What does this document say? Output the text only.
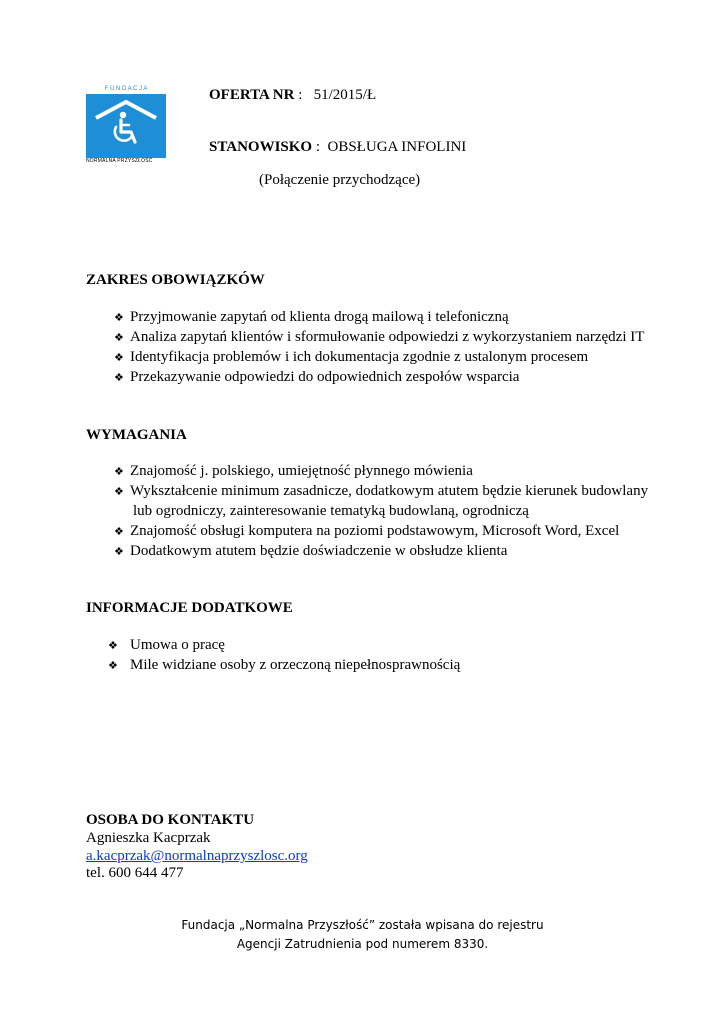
F U N D A C J A
NORMALNA PRZYSZŁOŚĆ
OFERTA NR :   51/2015/Ł
STANOWISKO :  OBSŁUGA INFOLINI
(Połączenie przychodzące)
ZAKRES OBOWIĄZKÓW
❖ Przyjmowanie zapytań od klienta drogą mailową i telefoniczną
❖ Analiza zapytań klientów i sformułowanie odpowiedzi z wykorzystaniem narzędzi IT
❖ Identyfikacja problemów i ich dokumentacja zgodnie z ustalonym procesem
❖ Przekazywanie odpowiedzi do odpowiednich zespołów wsparcia
WYMAGANIA
❖ Znajomość j. polskiego, umiejętność płynnego mówienia
❖ Wykształcenie minimum zasadnicze, dodatkowym atutem będzie kierunek budowlany
lub ogrodniczy, zainteresowanie tematyką budowlaną, ogrodniczą
❖ Znajomość obsługi komputera na poziomi podstawowym, Microsoft Word, Excel
❖ Dodatkowym atutem będzie doświadczenie w obsłudze klienta
INFORMACJE DODATKOWE
❖ Umowa o pracę
❖ Mile widziane osoby z orzeczoną niepełnosprawnością
OSOBA DO KONTAKTU
Agnieszka Kacprzak
a.kacprzak@normalnaprzyszlosc.org
tel. 600 644 477
Fundacja „Normalna Przyszłość” została wpisana do rejestru
Agencji Zatrudnienia pod numerem 8330.
